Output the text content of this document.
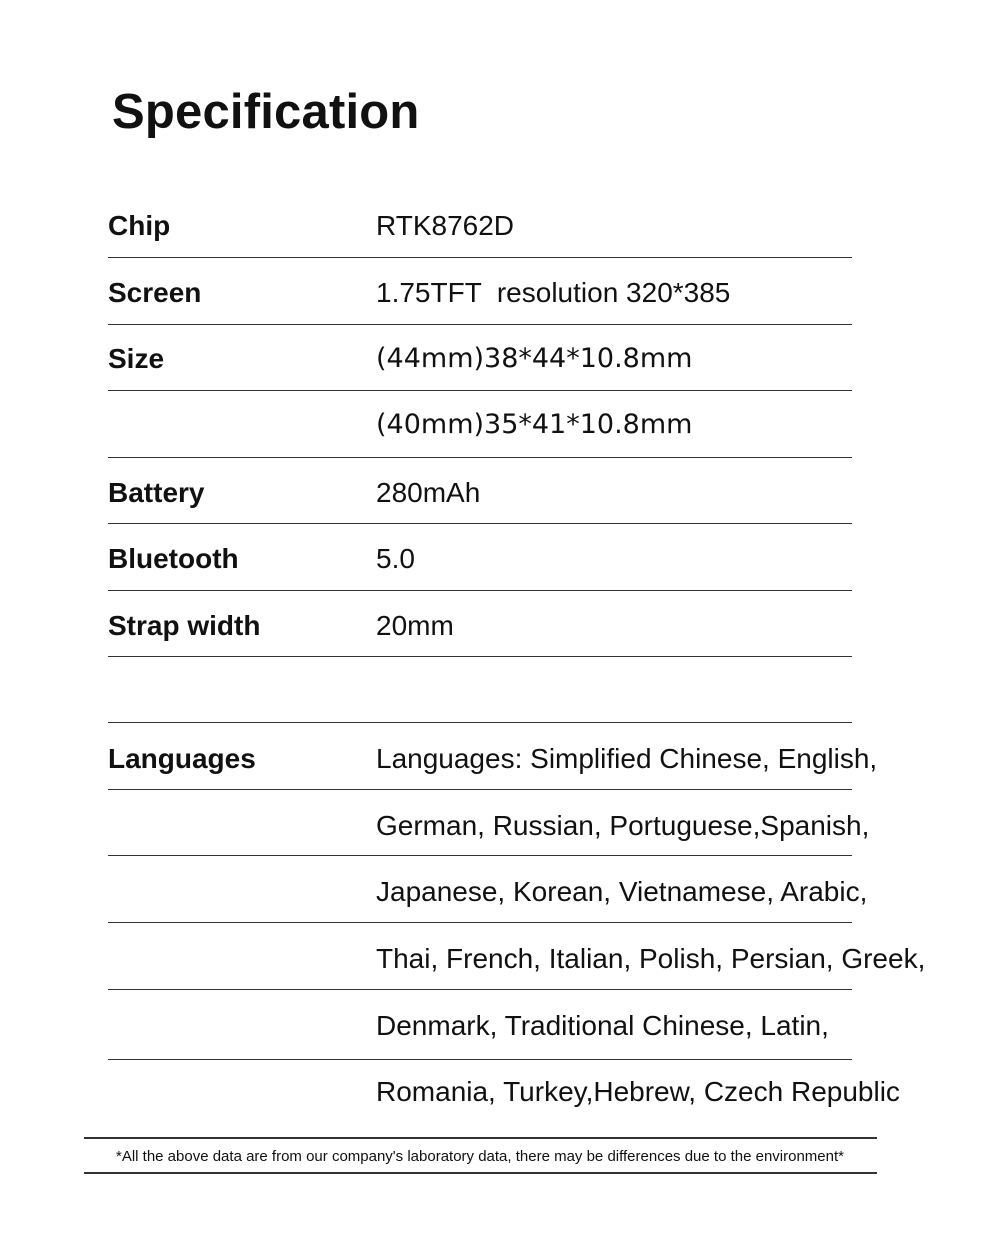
Specification
Chip	RTK8762D
Screen	1.75TFT  resolution 320*385
Size	(44mm)38*44*10.8mm
(40mm)35*41*10.8mm
Battery	280mAh
Bluetooth	5.0
Strap width	20mm
Languages	Languages: Simplified Chinese, English,
German, Russian, Portuguese,Spanish,
Japanese, Korean, Vietnamese, Arabic,
Thai, French, Italian, Polish, Persian, Greek,
Denmark, Traditional Chinese, Latin,
Romania, Turkey,Hebrew, Czech Republic
*All the above data are from our company's laboratory data, there may be differences due to the environment*
